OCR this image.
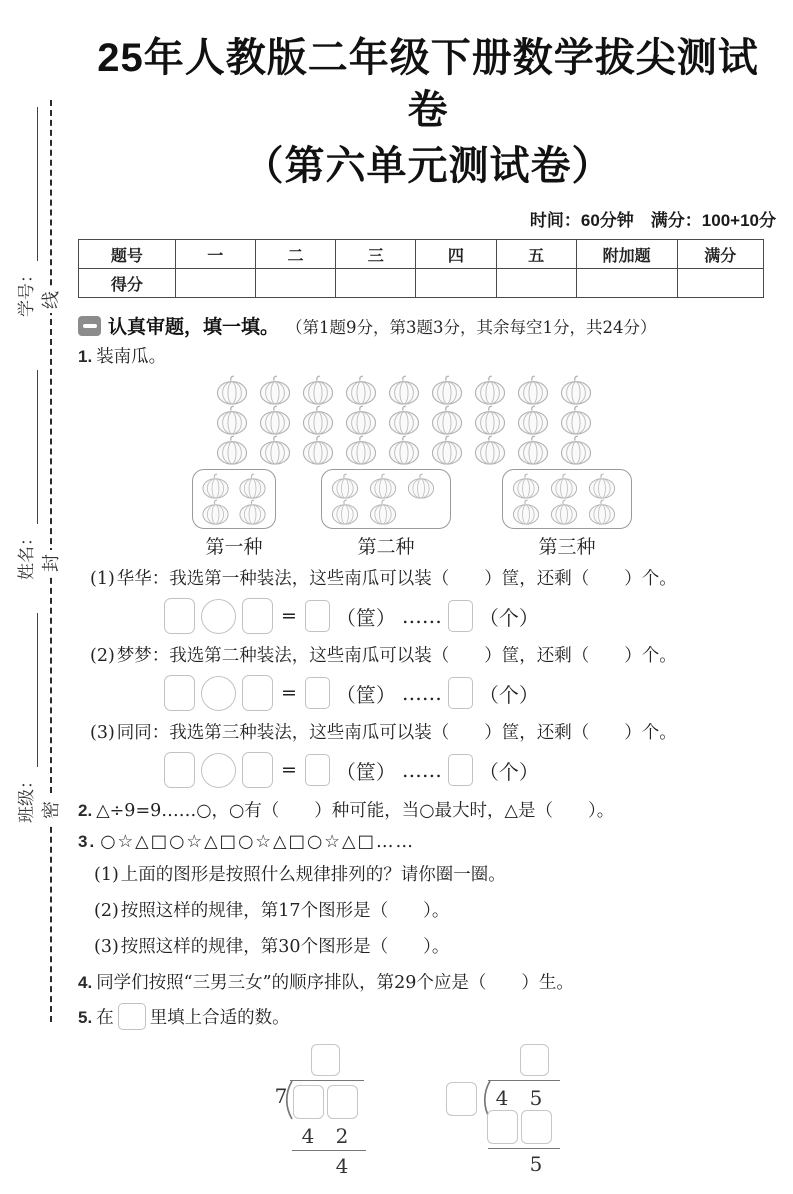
学号：
姓名：
班级：
线
封
密
25年人教版二年级下册数学拔尖测试卷
（第六单元测试卷）
时间：60分钟　满分：100+10分
题号	一	二	三	四	五	附加题	满分
得分							
认真审题，填一填。 （第1题9分，第3题3分，其余每空1分，共24分）
1. 装南瓜。
第一种	第二种	第三种
(1) 华华：我选第一种装法，这些南瓜可以装（　　）筐，还剩（　　）个。
= （筐） …… （个）
(2) 梦梦：我选第二种装法，这些南瓜可以装（　　）筐，还剩（　　）个。
= （筐） …… （个）
(3) 同同：我选第三种装法，这些南瓜可以装（　　）筐，还剩（　　）个。
= （筐） …… （个）
2. △÷9=9……○，○有（　　）种可能，当○最大时，△是（　　）。
3. ○☆△□○☆△□○☆△□○☆△□……
(1) 上面的图形是按照什么规律排列的？请你圈一圈。
(2) 按照这样的规律，第17个图形是（　　）。
(3) 按照这样的规律，第30个图形是（　　）。
4. 同学们按照“三男三女”的顺序排队，第29个应是（　　）生。
5. 在 里填上合适的数。
7
4 2
4
4 5
5
